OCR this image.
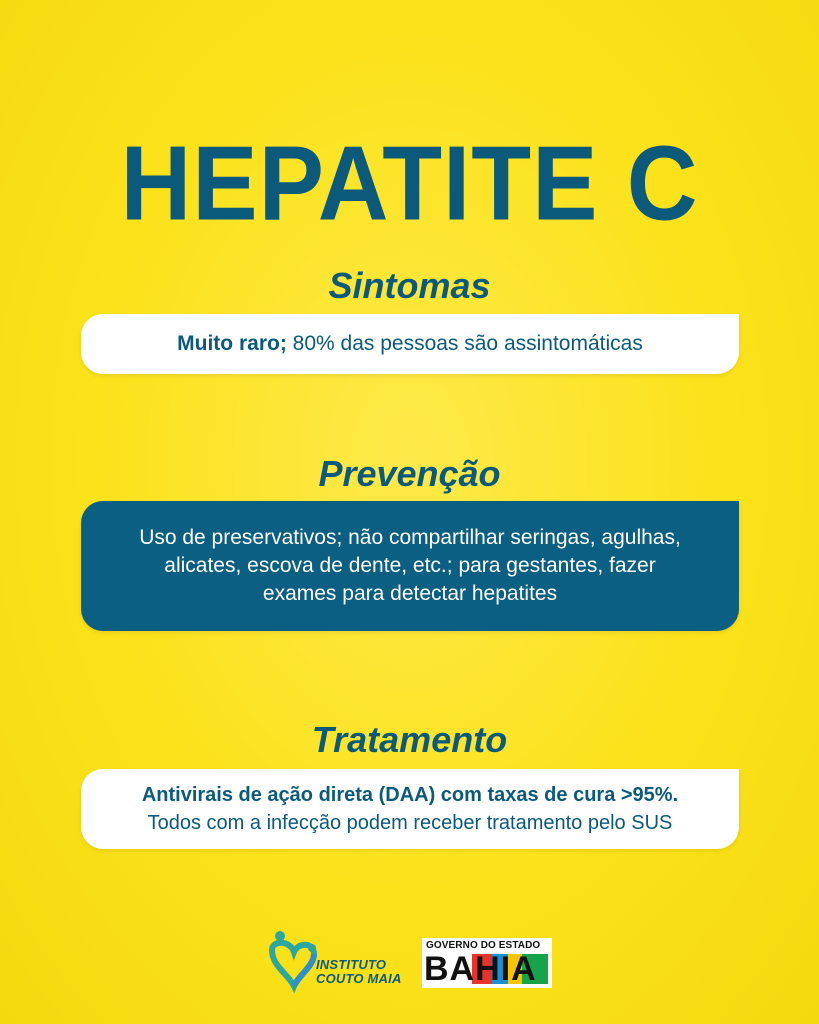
HEPATITE C
Sintomas

Muito raro; 80% das pessoas são assintomáticas

Prevenção

Uso de preservativos; não compartilhar seringas, agulhas,

alicates, escova de dente, etc.; para gestantes, fazer

exames para detectar hepatites

Tratamento

Antivirais de ação direta (DAA) com taxas de cura >95%.

Todos com a infecção podem receber tratamento pelo SUS

INSTITUTO
COUTO MAIA
GOVERNO DO ESTADO
BAHIA
